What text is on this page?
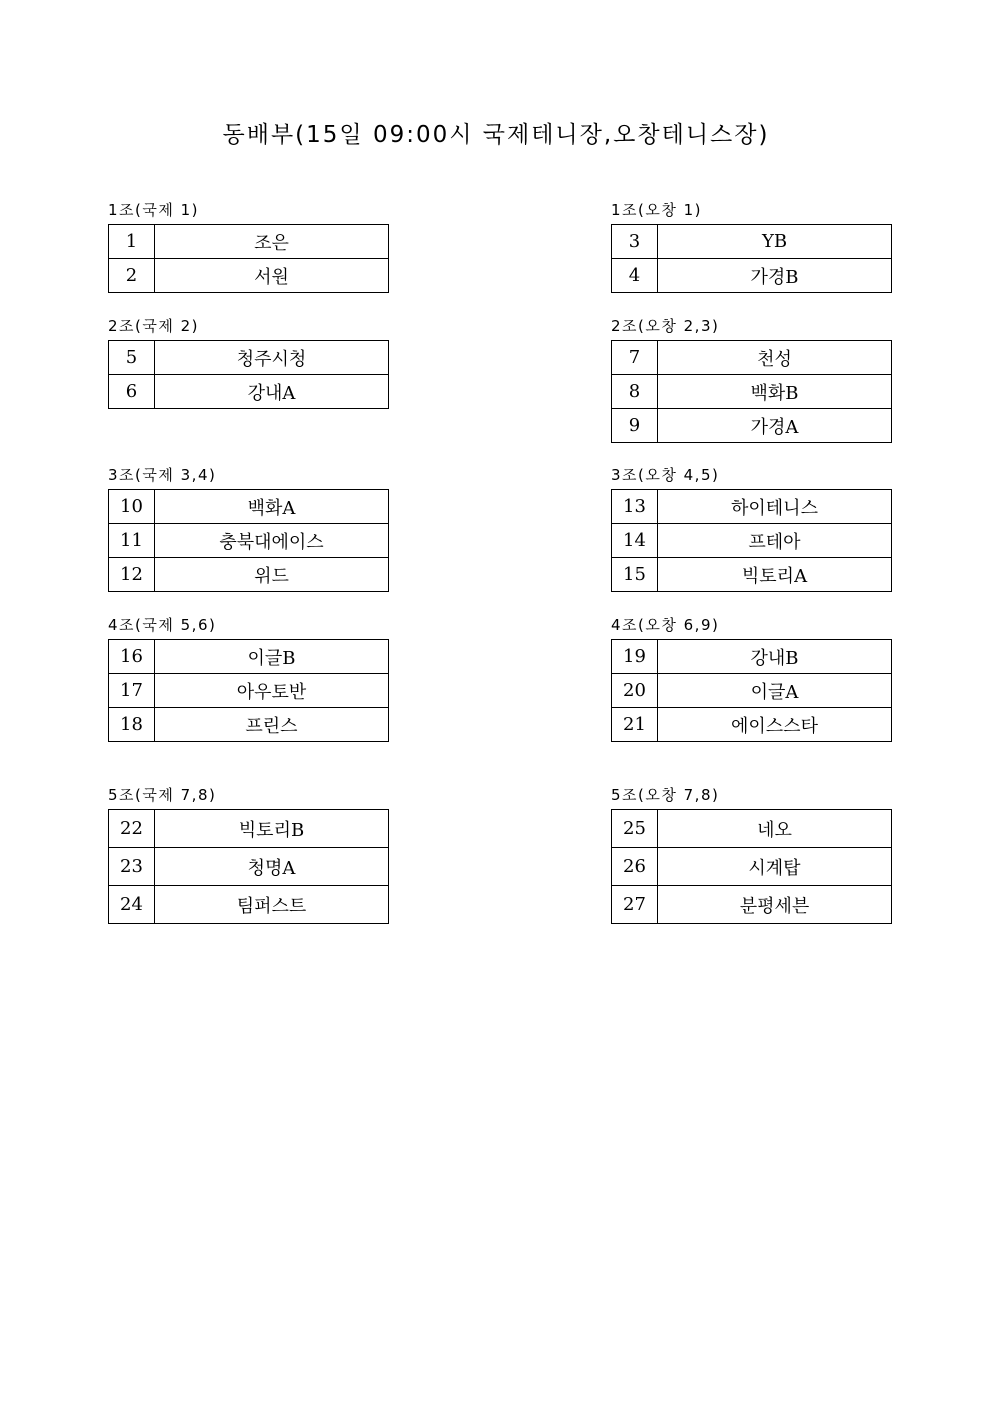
동배부(15일 09:00시 국제테니장,오창테니스장)
1조(국제 1)
1	조은
2	서원
1조(오창 1)
3	YB
4	가경B
2조(국제 2)
5	청주시청
6	강내A
2조(오창 2,3)
7	천성
8	백화B
9	가경A
3조(국제 3,4)
10	백화A
11	충북대에이스
12	위드
3조(오창 4,5)
13	하이테니스
14	프테아
15	빅토리A
4조(국제 5,6)
16	이글B
17	아우토반
18	프린스
4조(오창 6,9)
19	강내B
20	이글A
21	에이스스타
5조(국제 7,8)
22	빅토리B
23	청명A
24	팀퍼스트
5조(오창 7,8)
25	네오
26	시계탑
27	분평세븐
